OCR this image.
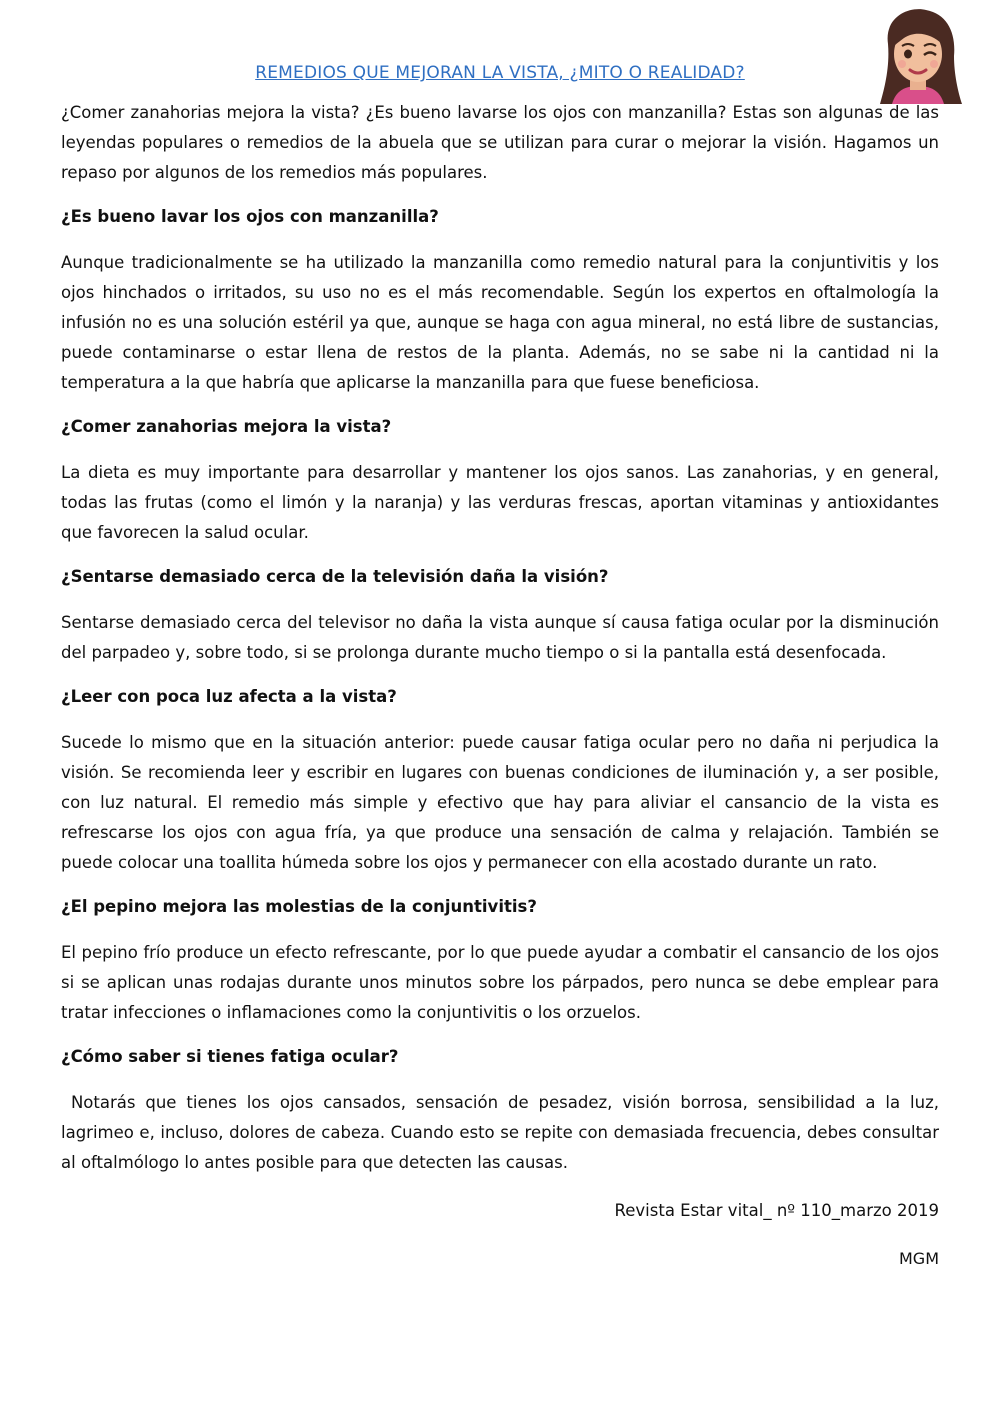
REMEDIOS QUE MEJORAN LA VISTA, ¿MITO O REALIDAD?

¿Comer zanahorias mejora la vista? ¿Es bueno lavarse los ojos con manzanilla? Estas son algunas de las leyendas populares o remedios de la abuela que se utilizan para curar o mejorar la visión. Hagamos un repaso por algunos de los remedios más populares.

¿Es bueno lavar los ojos con manzanilla?

Aunque tradicionalmente se ha utilizado la manzanilla como remedio natural para la conjuntivitis y los ojos hinchados o irritados, su uso no es el más recomendable. Según los expertos en oftalmología la infusión no es una solución estéril ya que, aunque se haga con agua mineral, no está libre de sustancias, puede contaminarse o estar llena de restos de la planta. Además, no se sabe ni la cantidad ni la temperatura a la que habría que aplicarse la manzanilla para que fuese beneficiosa.

¿Comer zanahorias mejora la vista?

La dieta es muy importante para desarrollar y mantener los ojos sanos. Las zanahorias, y en general, todas las frutas (como el limón y la naranja) y las verduras frescas, aportan vitaminas y antioxidantes que favorecen la salud ocular.

¿Sentarse demasiado cerca de la televisión daña la visión?

Sentarse demasiado cerca del televisor no daña la vista aunque sí causa fatiga ocular por la disminución del parpadeo y, sobre todo, si se prolonga durante mucho tiempo o si la pantalla está desenfocada.

¿Leer con poca luz afecta a la vista?

Sucede lo mismo que en la situación anterior: puede causar fatiga ocular pero no daña ni perjudica la visión. Se recomienda leer y escribir en lugares con buenas condiciones de iluminación y, a ser posible, con luz natural. El remedio más simple y efectivo que hay para aliviar el cansancio de la vista es refrescarse los ojos con agua fría, ya que produce una sensación de calma y relajación. También se puede colocar una toallita húmeda sobre los ojos y permanecer con ella acostado durante un rato.

¿El pepino mejora las molestias de la conjuntivitis?

El pepino frío produce un efecto refrescante, por lo que puede ayudar a combatir el cansancio de los ojos si se aplican unas rodajas durante unos minutos sobre los párpados, pero nunca se debe emplear para tratar infecciones o inflamaciones como la conjuntivitis o los orzuelos.

¿Cómo saber si tienes fatiga ocular?

Notarás que tienes los ojos cansados, sensación de pesadez, visión borrosa, sensibilidad a la luz, lagrimeo e, incluso, dolores de cabeza. Cuando esto se repite con demasiada frecuencia, debes consultar al oftalmólogo lo antes posible para que detecten las causas.

Revista Estar vital_ nº 110_marzo 2019

MGM
